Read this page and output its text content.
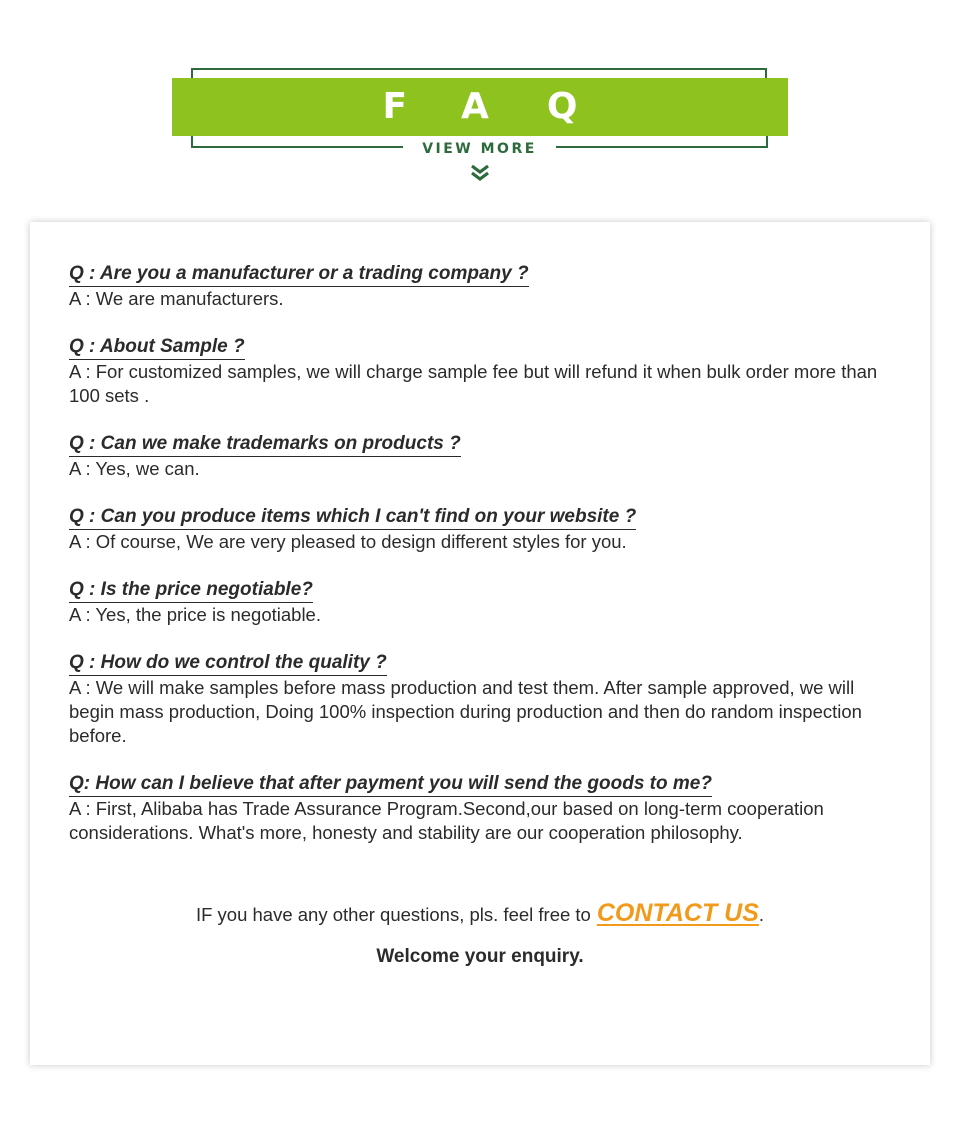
FAQ
VIEW MORE
Q : Are you a manufacturer or a trading company ?

A : We are manufacturers.

Q : About Sample ?

A : For customized samples, we will charge sample fee but will refund it when bulk order more than 100 sets .

Q : Can we make trademarks on products ?

A : Yes, we can.

Q : Can you produce items which I can't find on your website ?

A : Of course, We are very pleased to design different styles for you.

Q : Is the price negotiable?

A : Yes, the price is negotiable.

Q : How do we control the quality ?

A : We will make samples before mass production and test them. After sample approved, we will begin mass production, Doing 100% inspection during production and then do random inspection before.

Q: How can I believe that after payment you will send the goods to me?

A : First, Alibaba has Trade Assurance Program.Second,our based on long-term cooperation considerations. What's more, honesty and stability are our cooperation philosophy.

IF you have any other questions, pls. feel free to CONTACT US.
Welcome your enquiry.
